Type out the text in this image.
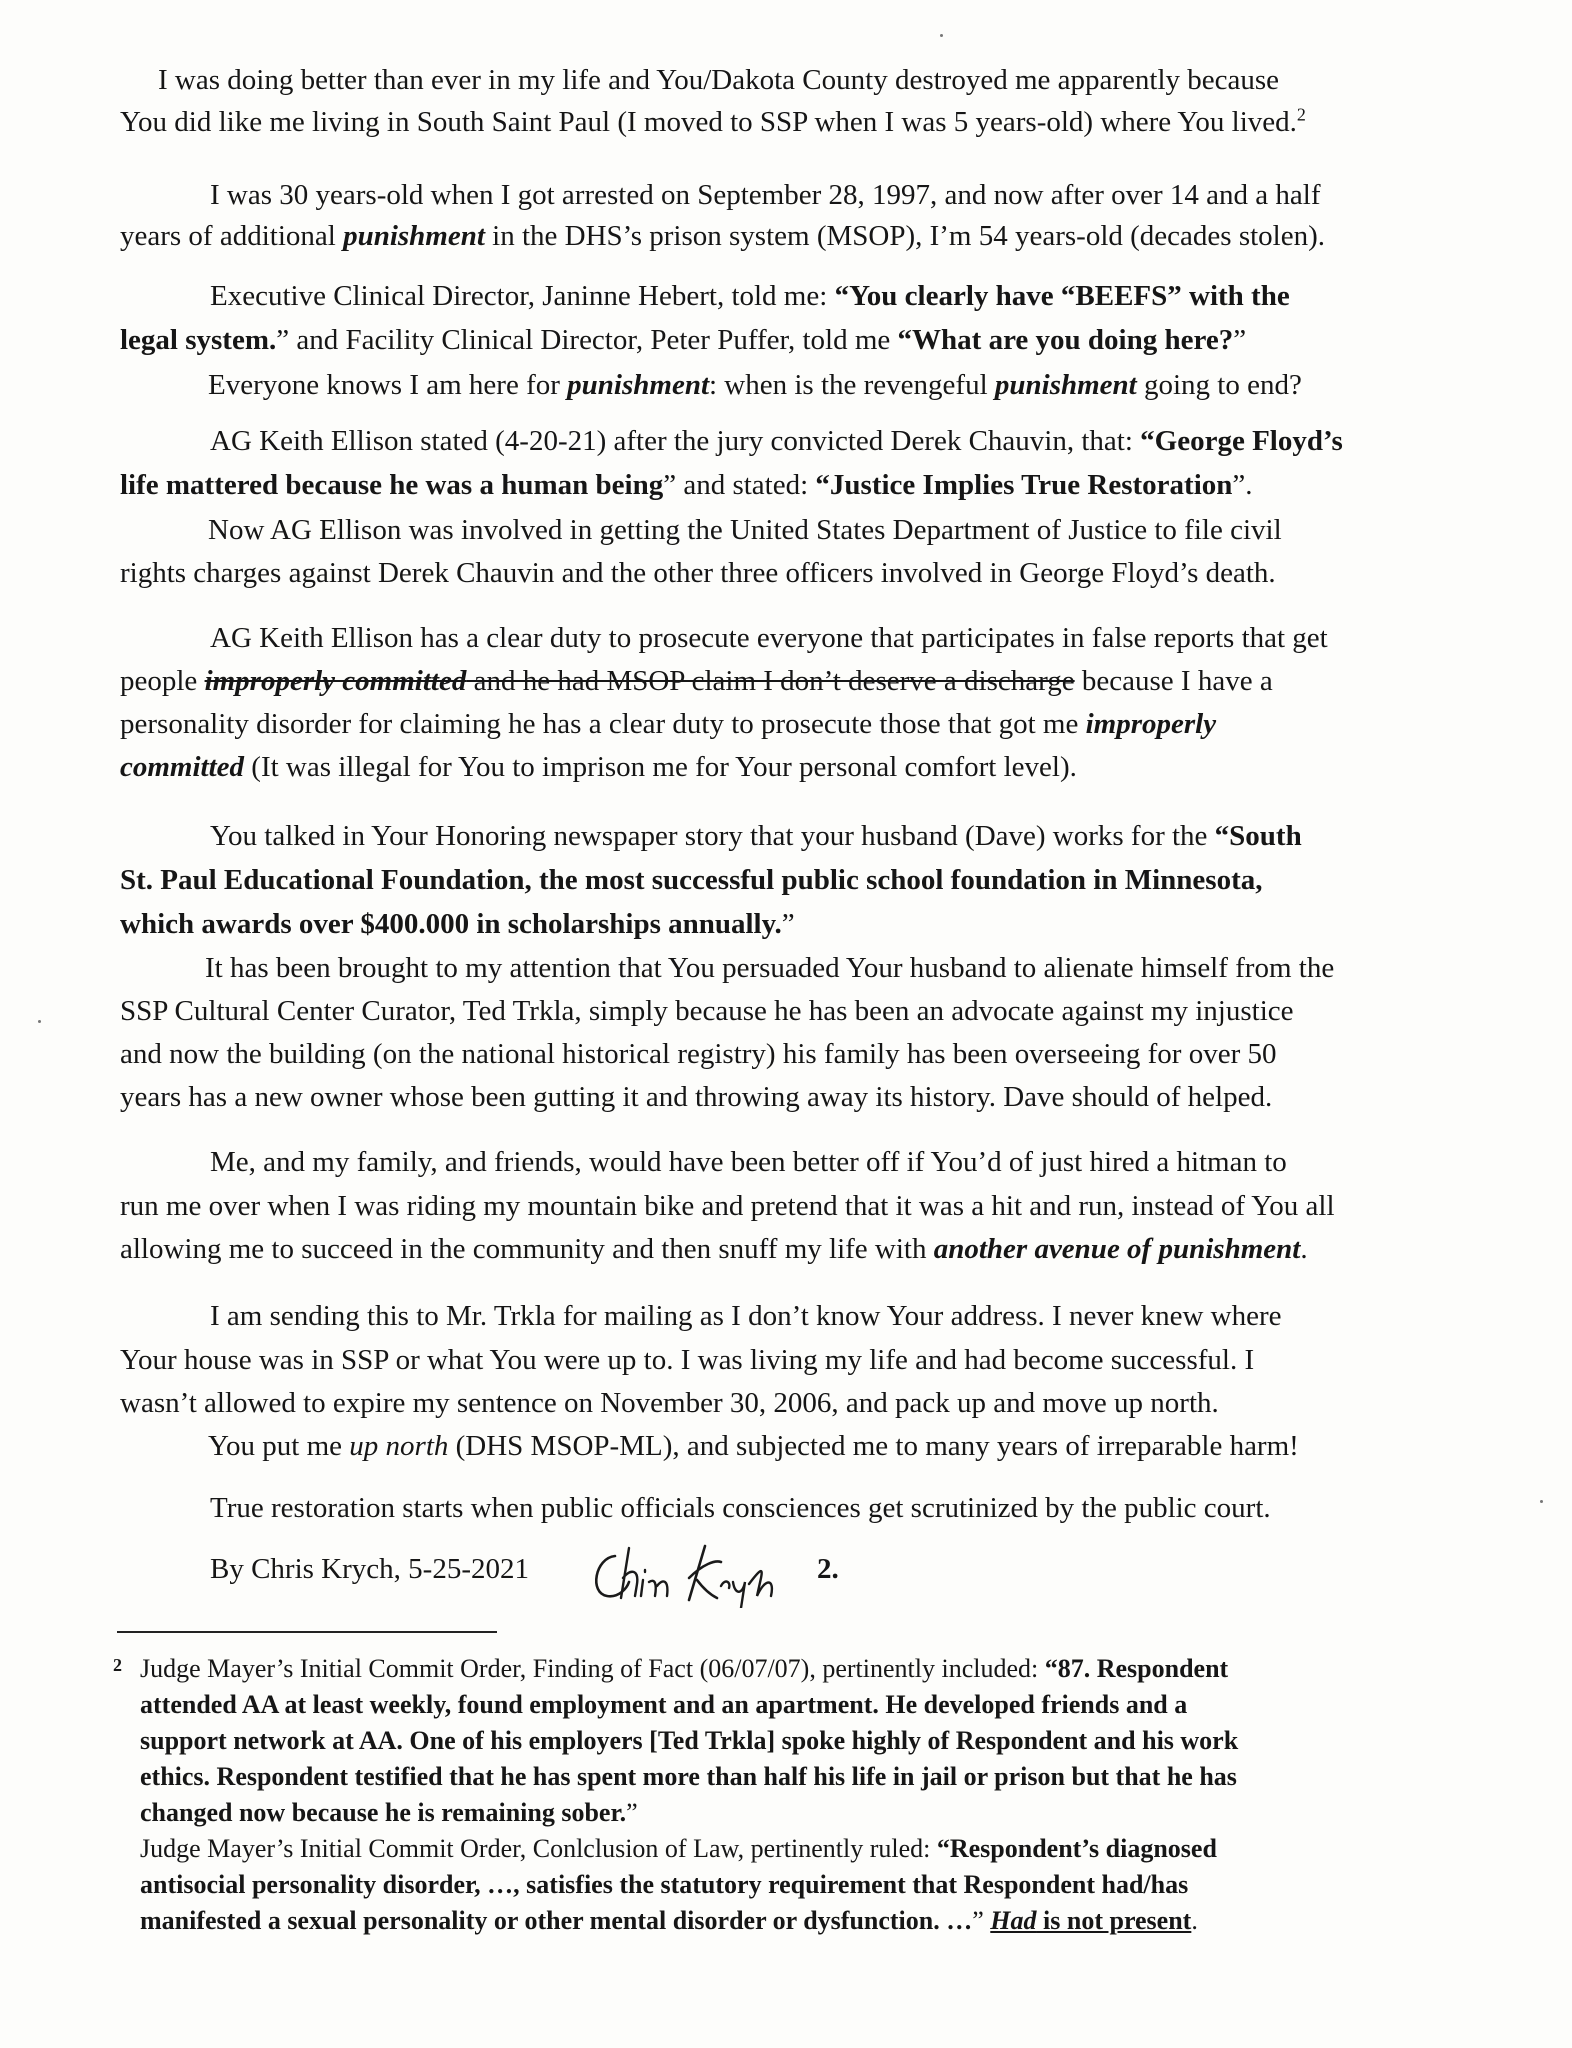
I was doing better than ever in my life and You/Dakota County destroyed me apparently because
You did like me living in South Saint Paul (I moved to SSP when I was 5 years-old) where You lived.$^2$
I was 30 years-old when I got arrested on September 28, 1997, and now after over 14 and a half
years of additional punishment in the DHS’s prison system (MSOP), I’m 54 years-old (decades stolen).
Executive Clinical Director, Janinne Hebert, told me: “You clearly have “BEEFS” with the
legal system.” and Facility Clinical Director, Peter Puffer, told me “What are you doing here?”
Everyone knows I am here for punishment: when is the revengeful punishment going to end?
AG Keith Ellison stated (4-20-21) after the jury convicted Derek Chauvin, that: “George Floyd’s
life mattered because he was a human being” and stated: “Justice Implies True Restoration”.
Now AG Ellison was involved in getting the United States Department of Justice to file civil
rights charges against Derek Chauvin and the other three officers involved in George Floyd’s death.
AG Keith Ellison has a clear duty to prosecute everyone that participates in false reports that get
people improperly committed and he had MSOP claim I don’t deserve a discharge because I have a
personality disorder for claiming he has a clear duty to prosecute those that got me improperly
committed (It was illegal for You to imprison me for Your personal comfort level).
You talked in Your Honoring newspaper story that your husband (Dave) works for the “South
St. Paul Educational Foundation, the most successful public school foundation in Minnesota,
which awards over $400.000 in scholarships annually.”
It has been brought to my attention that You persuaded Your husband to alienate himself from the
SSP Cultural Center Curator, Ted Trkla, simply because he has been an advocate against my injustice
and now the building (on the national historical registry) his family has been overseeing for over 50
years has a new owner whose been gutting it and throwing away its history. Dave should of helped.
Me, and my family, and friends, would have been better off if You’d of just hired a hitman to
run me over when I was riding my mountain bike and pretend that it was a hit and run, instead of You all
allowing me to succeed in the community and then snuff my life with another avenue of punishment.
I am sending this to Mr. Trkla for mailing as I don’t know Your address. I never knew where
Your house was in SSP or what You were up to. I was living my life and had become successful. I
wasn’t allowed to expire my sentence on November 30, 2006, and pack up and move up north.
You put me up north (DHS MSOP-ML), and subjected me to many years of irreparable harm!
True restoration starts when public officials consciences get scrutinized by the public court.
By Chris Krych, 5-25-2021	2.
2 Judge Mayer’s Initial Commit Order, Finding of Fact (06/07/07), pertinently included: “87. Respondent
attended AA at least weekly, found employment and an apartment. He developed friends and a
support network at AA. One of his employers [Ted Trkla] spoke highly of Respondent and his work
ethics. Respondent testified that he has spent more than half his life in jail or prison but that he has
changed now because he is remaining sober.”
Judge Mayer’s Initial Commit Order, Conlclusion of Law, pertinently ruled: “Respondent’s diagnosed
antisocial personality disorder, …, satisfies the statutory requirement that Respondent had/has
manifested a sexual personality or other mental disorder or dysfunction. …” Had is not present.
